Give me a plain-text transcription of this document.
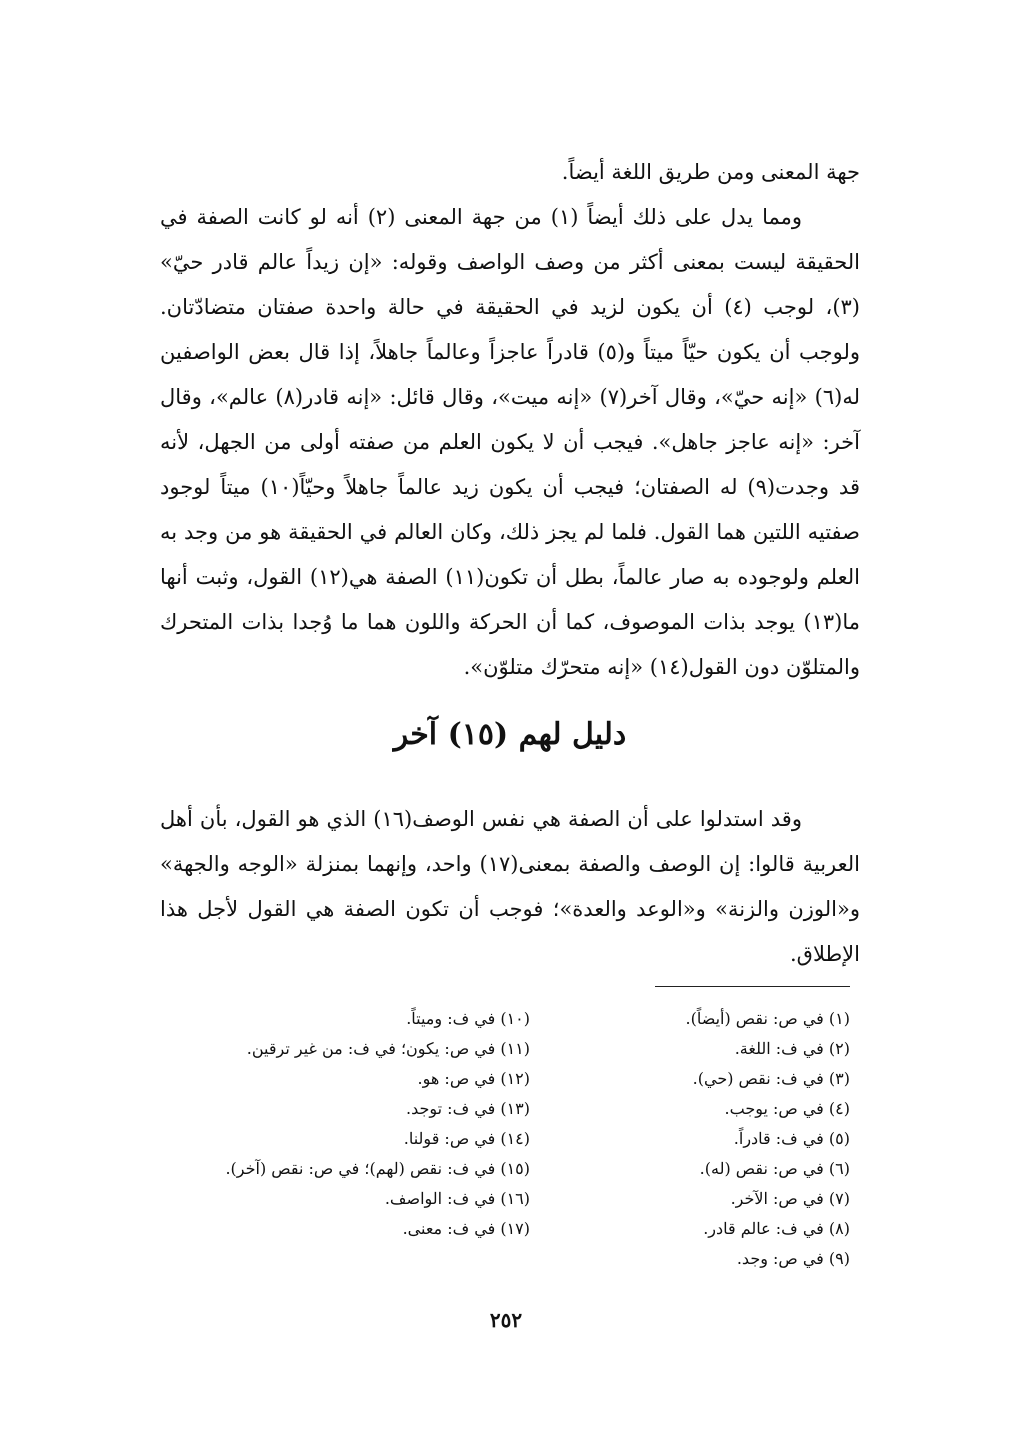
جهة المعنى ومن طريق اللغة أيضاً.

ومما يدل على ذلك أيضاً (١) من جهة المعنى (٢) أنه لو كانت الصفة في الحقيقة ليست بمعنى أكثر من وصف الواصف وقوله: «إن زيداً عالم قادر حيّ» (٣)، لوجب (٤) أن يكون لزيد في الحقيقة في حالة واحدة صفتان متضادّتان. ولوجب أن يكون حيّاً ميتاً و(٥) قادراً عاجزاً وعالماً جاهلاً، إذا قال بعض الواصفين له(٦) «إنه حيّ»، وقال آخر(٧) «إنه ميت»، وقال قائل: «إنه قادر(٨) عالم»، وقال آخر: «إنه عاجز جاهل». فيجب أن لا يكون العلم من صفته أولى من الجهل، لأنه قد وجدت(٩) له الصفتان؛ فيجب أن يكون زيد عالماً جاهلاً وحيّاً(١٠) ميتاً لوجود صفتيه اللتين هما القول. فلما لم يجز ذلك، وكان العالم في الحقيقة هو من وجد به العلم ولوجوده به صار عالماً، بطل أن تكون(١١) الصفة هي(١٢) القول، وثبت أنها ما(١٣) يوجد بذات الموصوف، كما أن الحركة واللون هما ما وُجدا بذات المتحرك والمتلوّن دون القول(١٤) «إنه متحرّك متلوّن».

دليل لهم (١٥) آخر

وقد استدلوا على أن الصفة هي نفس الوصف(١٦) الذي هو القول، بأن أهل العربية قالوا: إن الوصف والصفة بمعنى(١٧) واحد، وإنهما بمنزلة «الوجه والجهة» و«الوزن والزنة» و«الوعد والعدة»؛ فوجب أن تكون الصفة هي القول لأجل هذا الإطلاق.

(١) في ص: نقص (أيضاً).
(٢) في ف: اللغة.
(٣) في ف: نقص (حي).
(٤) في ص: يوجب.
(٥) في ف: قادراً.
(٦) في ص: نقص (له).
(٧) في ص: الآخر.
(٨) في ف: عالم قادر.
(٩) في ص: وجد.
(١٠) في ف: وميتاً.
(١١) في ص: يكون؛ في ف: من غير ترقين.
(١٢) في ص: هو.
(١٣) في ف: توجد.
(١٤) في ص: قولنا.
(١٥) في ف: نقص (لهم)؛ في ص: نقص (آخر).
(١٦) في ف: الواصف.
(١٧) في ف: معنى.
٢٥٢
